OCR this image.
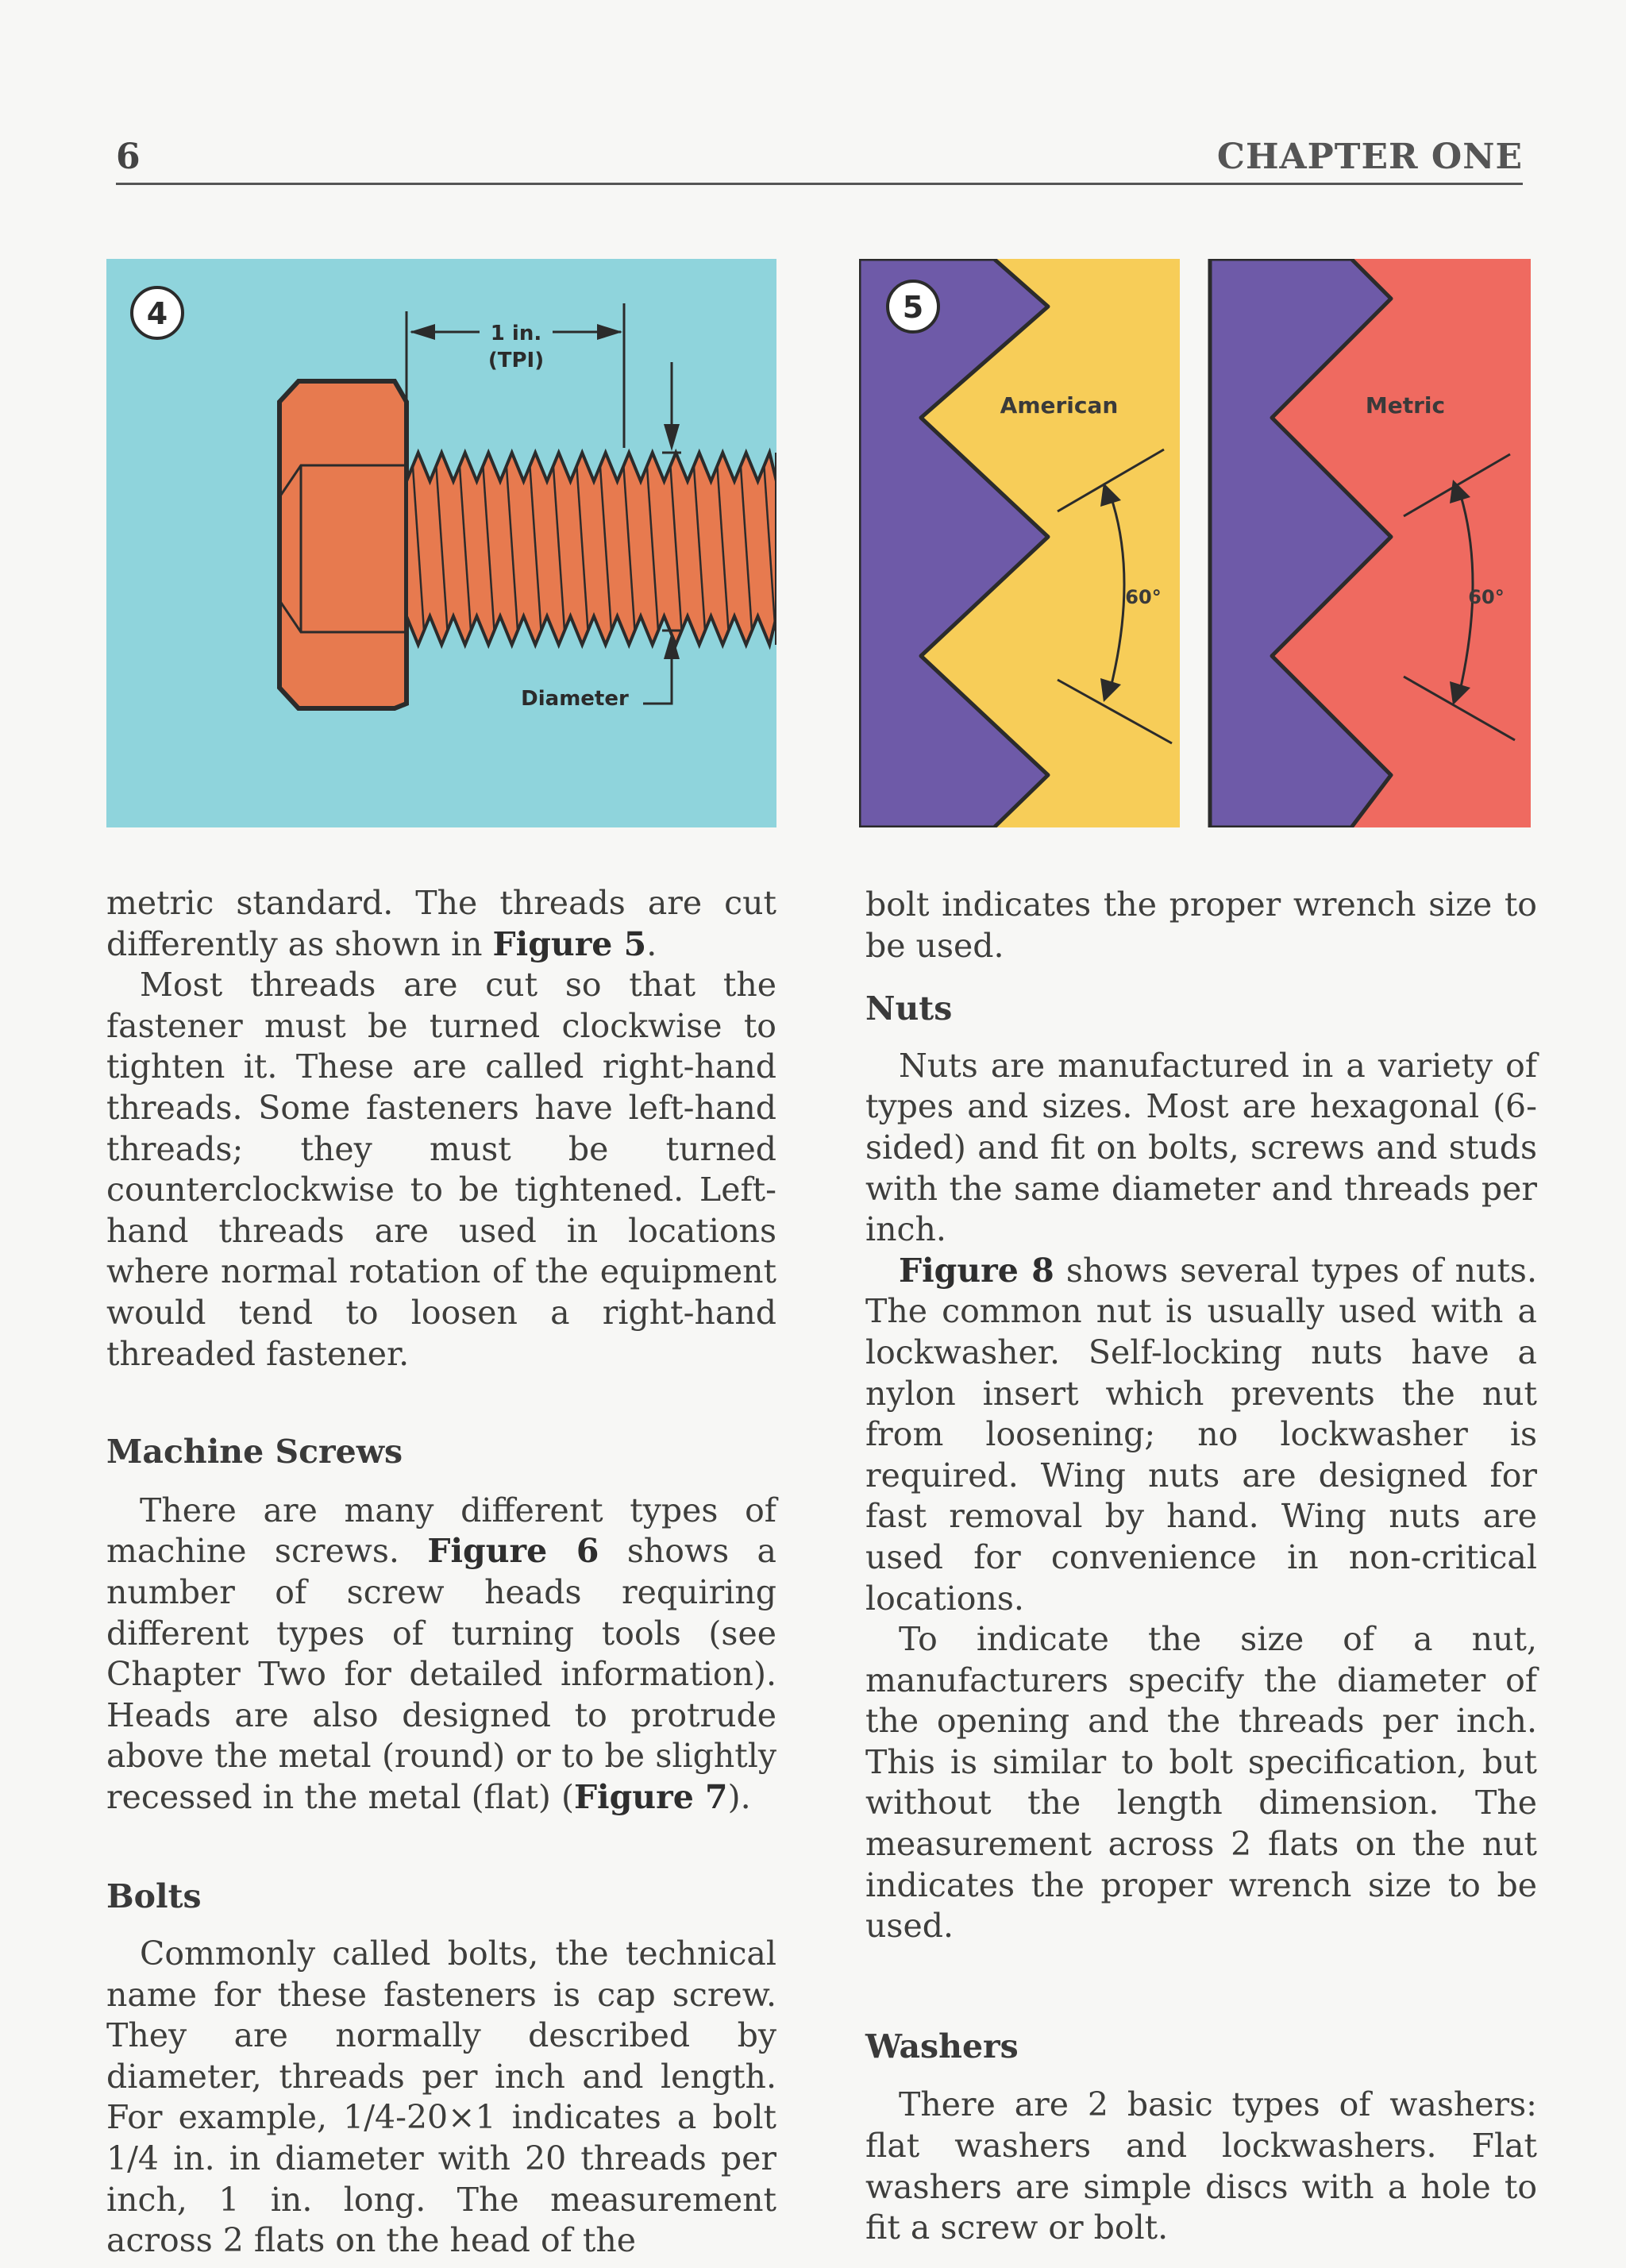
6	CHAPTER ONE
1 in.
(TPI)
Diameter
4
American
60°
Metric
60°
5

metric standard. The threads are cut differently as shown in Figure 5.

Most threads are cut so that the fastener must be turned clockwise to tighten it. These are called right-hand threads. Some fasteners have left-hand threads; they must be turned counterclockwise to be tightened. Left-hand threads are used in locations where normal rotation of the equipment would tend to loosen a right-hand threaded fastener.

Machine Screws

There are many different types of machine screws. Figure 6 shows a number of screw heads requiring different types of turning tools (see Chapter Two for detailed information). Heads are also designed to protrude above the metal (round) or to be slightly recessed in the metal (flat) (Figure 7).

Bolts

Commonly called bolts, the technical name for these fasteners is cap screw. They are normally described by diameter, threads per inch and length. For example, 1/4-20×1 indicates a bolt 1/4 in. in diameter with 20 threads per inch, 1 in. long. The measurement across 2 flats on the head of the

bolt indicates the proper wrench size to be used.

Nuts

Nuts are manufactured in a variety of types and sizes. Most are hexagonal (6-sided) and fit on bolts, screws and studs with the same diameter and threads per inch.

Figure 8 shows several types of nuts. The common nut is usually used with a lockwasher. Self-locking nuts have a nylon insert which prevents the nut from loosening; no lockwasher is required. Wing nuts are designed for fast removal by hand. Wing nuts are used for convenience in non-critical locations.

To indicate the size of a nut, manufacturers specify the diameter of the opening and the threads per inch. This is similar to bolt specification, but without the length dimension. The measurement across 2 flats on the nut indicates the proper wrench size to be used.

Washers

There are 2 basic types of washers: flat washers and lockwashers. Flat washers are simple discs with a hole to fit a screw or bolt.
